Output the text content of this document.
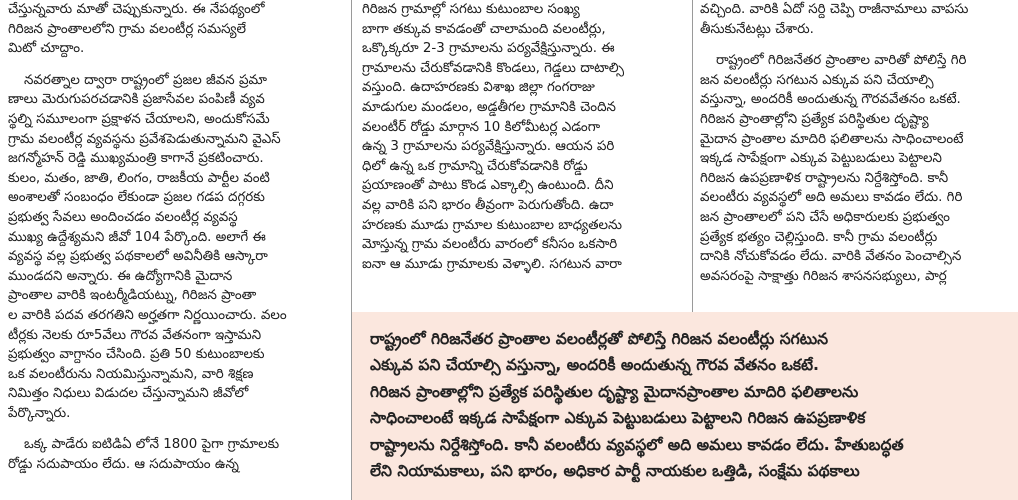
చేస్తున్నవారు మాతో చెప్పుకున్నారు. ఈ నేపథ్యంలో
గిరిజన ప్రాంతాలలోని గ్రామ వలంటీర్ల సమస్యలే
మిటో చూద్దాం.
నవరత్నాల ద్వారా రాష్ట్రంలో ప్రజల జీవన ప్రమా
ణాలు మెరుగుపరచడానికి ప్రజాసేవల పంపిణీ వ్యవ
స్థల్ని సమూలంగా ప్రక్షాళన చేయాలని, అందుకోసమే
గ్రామ వలంటీర్ల వ్యవస్థను ప్రవేశపెడుతున్నామని వైఎస్
జగన్మోహన్ రెడ్డి ముఖ్యమంత్రి కాగానే ప్రకటించారు.
కులం, మతం, జాతి, లింగం, రాజకీయ పార్టీల వంటి
అంశాలతో సంబంధం లేకుండా ప్రజల గడప దగ్గరకు
ప్రభుత్వ సేవలు అందించడం వలంటీర్ల వ్యవస్థ
ముఖ్య ఉద్దేశ్యమని జీవో 104 పేర్కొంది. అలాగే ఈ
వ్యవస్థ వల్ల ప్రభుత్వ పథకాలలో అవినీతికి ఆస్కారా
ముండదని అన్నారు. ఈ ఉద్యోగానికి మైదాన
ప్రాంతాల వారికి ఇంటర్మీడియట్ను, గిరిజన ప్రాంతా
ల వారికి పదవ తరగతిని అర్హతగా నిర్ణయించారు. వలం
టీర్లకు నెలకు రూ5వేలు గౌరవ వేతనంగా ఇస్తామని
ప్రభుత్వం వాగ్దానం చేసింది. ప్రతి 50 కుటుంబాలకు
ఒక వలంటీరును నియమిస్తున్నామని, వారి శిక్షణ
నిమిత్తం నిధులు విడుదల చేస్తున్నామని జీవోలో
పేర్కొన్నారు.
ఒక్క పాడేరు ఐటిడిఏ లోనే 1800 పైగా గ్రామాలకు
రోడ్డు సదుపాయం లేదు. ఆ సదుపాయం ఉన్న
గిరిజన గ్రామాల్లో సగటు కుటుంబాల సంఖ్య
బాగా తక్కువ కావడంతో చాలామంది వలంటీర్లు,
ఒక్కొక్కరూ 2-3 గ్రామాలను పర్యవేక్షిస్తున్నారు. ఈ
గ్రామాలను చేరుకోవడానికి కొండలు, గెడ్డలు దాటాల్సి
వస్తుంది. ఉదాహరణకు విశాఖ జిల్లా గంగరాజు
మాడుగుల మండలం, అడ్డతీగల గ్రామానికి చెందిన
వలంటీర్ రోడ్డు మార్గాన 10 కిలోమీటర్ల ఎడంగా
ఉన్న 3 గ్రామాలను పర్యవేక్షిస్తున్నారు. ఆయన పరి
ధిలో ఉన్న ఒక గ్రామాన్ని చేరుకోవడానికి రోడ్డు
ప్రయాణంతో పాటు కొండ ఎక్కాల్సి ఉంటుంది. దీని
వల్ల వారికి పని భారం తీవ్రంగా పెరుగుతోంది. ఉదా
హరణకు మూడు గ్రామాల కుటుంబాల బాధ్యతలను
మోస్తున్న గ్రామ వలంటీరు వారంలో కనీసం ఒకసారి
ఐనా ఆ మూడు గ్రామాలకు వెళ్ళాలి. సగటున వారా
వచ్చింది. వారికి ఏదో సర్ది చెప్పి రాజీనామాలు వాపసు
తీసుకునేటట్లు చేశారు.
రాష్ట్రంలో గిరిజనేతర ప్రాంతాల వారితో పోలిస్తే గిరి
జన వలంటీర్లు సగటున ఎక్కువ పని చేయాల్సి
వస్తున్నా, అందరికీ అందుతున్న గౌరవవేతనం ఒకటే.
గిరిజన ప్రాంతాల్లోని ప్రత్యేక పరిస్థితుల దృష్ట్యా
మైదాన ప్రాంతాల మాదిరి ఫలితాలను సాధించాలంటే
ఇక్కడ సాపేక్షంగా ఎక్కువ పెట్టుబడులు పెట్టాలని
గిరిజన ఉపప్రణాళిక రాష్ట్రాలను నిర్దేశిస్తోంది. కానీ
వలంటీరు వ్యవస్థలో అది అమలు కావడం లేదు. గిరి
జన ప్రాంతాలలో పని చేసే అధికారులకు ప్రభుత్వం
ప్రత్యేక భత్యం చెల్లిస్తుంది. కానీ గ్రామ వలంటీర్లు
దానికి నోచుకోవడం లేదు. వారికి వేతనం పెంచాల్సిన
అవసరంపై సాక్షాత్తు గిరిజన శాసనసభ్యులు, పార్ల
రాష్ట్రంలో గిరిజనేతర ప్రాంతాల వలంటీర్లతో పోలిస్తే గిరిజన వలంటీర్లు సగటున
ఎక్కువ పని చేయాల్సి వస్తున్నా, అందరికీ అందుతున్న గౌరవ వేతనం ఒకటే.
గిరిజన ప్రాంతాల్లోని ప్రత్యేక పరిస్థితుల దృష్ట్యా మైదానప్రాంతాల మాదిరి ఫలితాలను
సాధించాలంటే ఇక్కడ సాపేక్షంగా ఎక్కువ పెట్టుబడులు పెట్టాలని గిరిజన ఉపప్రణాళిక
రాష్ట్రాలను నిర్దేశిస్తోంది. కానీ వలంటీరు వ్యవస్థలో అది అమలు కావడం లేదు. హేతుబద్ధత
లేని నియామకాలు, పని భారం, అధికార పార్టీ నాయకుల ఒత్తిడి, సంక్షేమ పథకాలు
